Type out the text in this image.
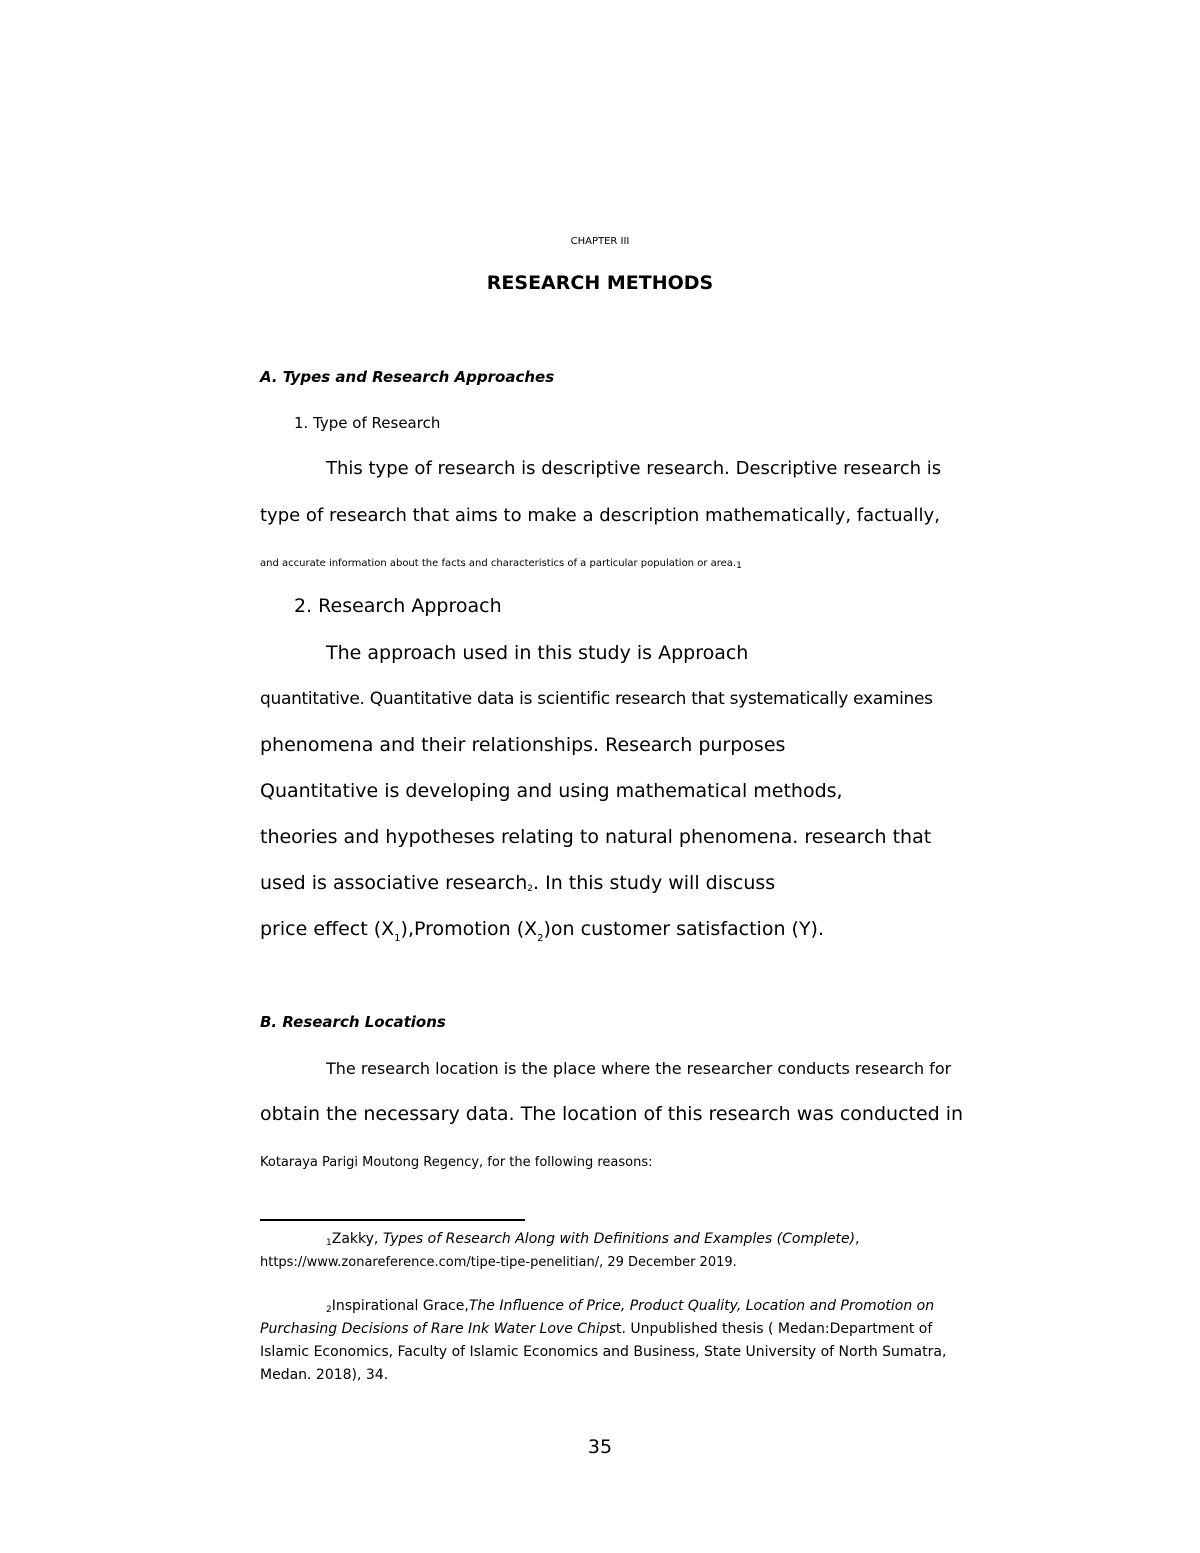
CHAPTER III
RESEARCH METHODS
A. Types and Research Approaches
1. Type of Research
This type of research is descriptive research. Descriptive research is
type of research that aims to make a description mathematically, factually,
and accurate information about the facts and characteristics of a particular population or area.1
2. Research Approach
The approach used in this study is Approach
quantitative. Quantitative data is scientific research that systematically examines
phenomena and their relationships. Research purposes
Quantitative is developing and using mathematical methods,
theories and hypotheses relating to natural phenomena. research that
used is associative research2. In this study will discuss
price effect $(X_1),Promotion$ $(X_2)on$ customer satisfaction (Y).
B. Research Locations
The research location is the place where the researcher conducts research for
obtain the necessary data. The location of this research was conducted in
Kotaraya Parigi Moutong Regency, for the following reasons:
1Zakky, Types of Research Along with Definitions and Examples (Complete),
https://www.zonareference.com/tipe-tipe-penelitian/, 29 December 2019.
2Inspirational Grace,The Influence of Price, Product Quality, Location and Promotion on
Purchasing Decisions of Rare Ink Water Love Chipst. Unpublished thesis ( Medan:Department of
Islamic Economics, Faculty of Islamic Economics and Business, State University of North Sumatra,
Medan. 2018), 34.
35
